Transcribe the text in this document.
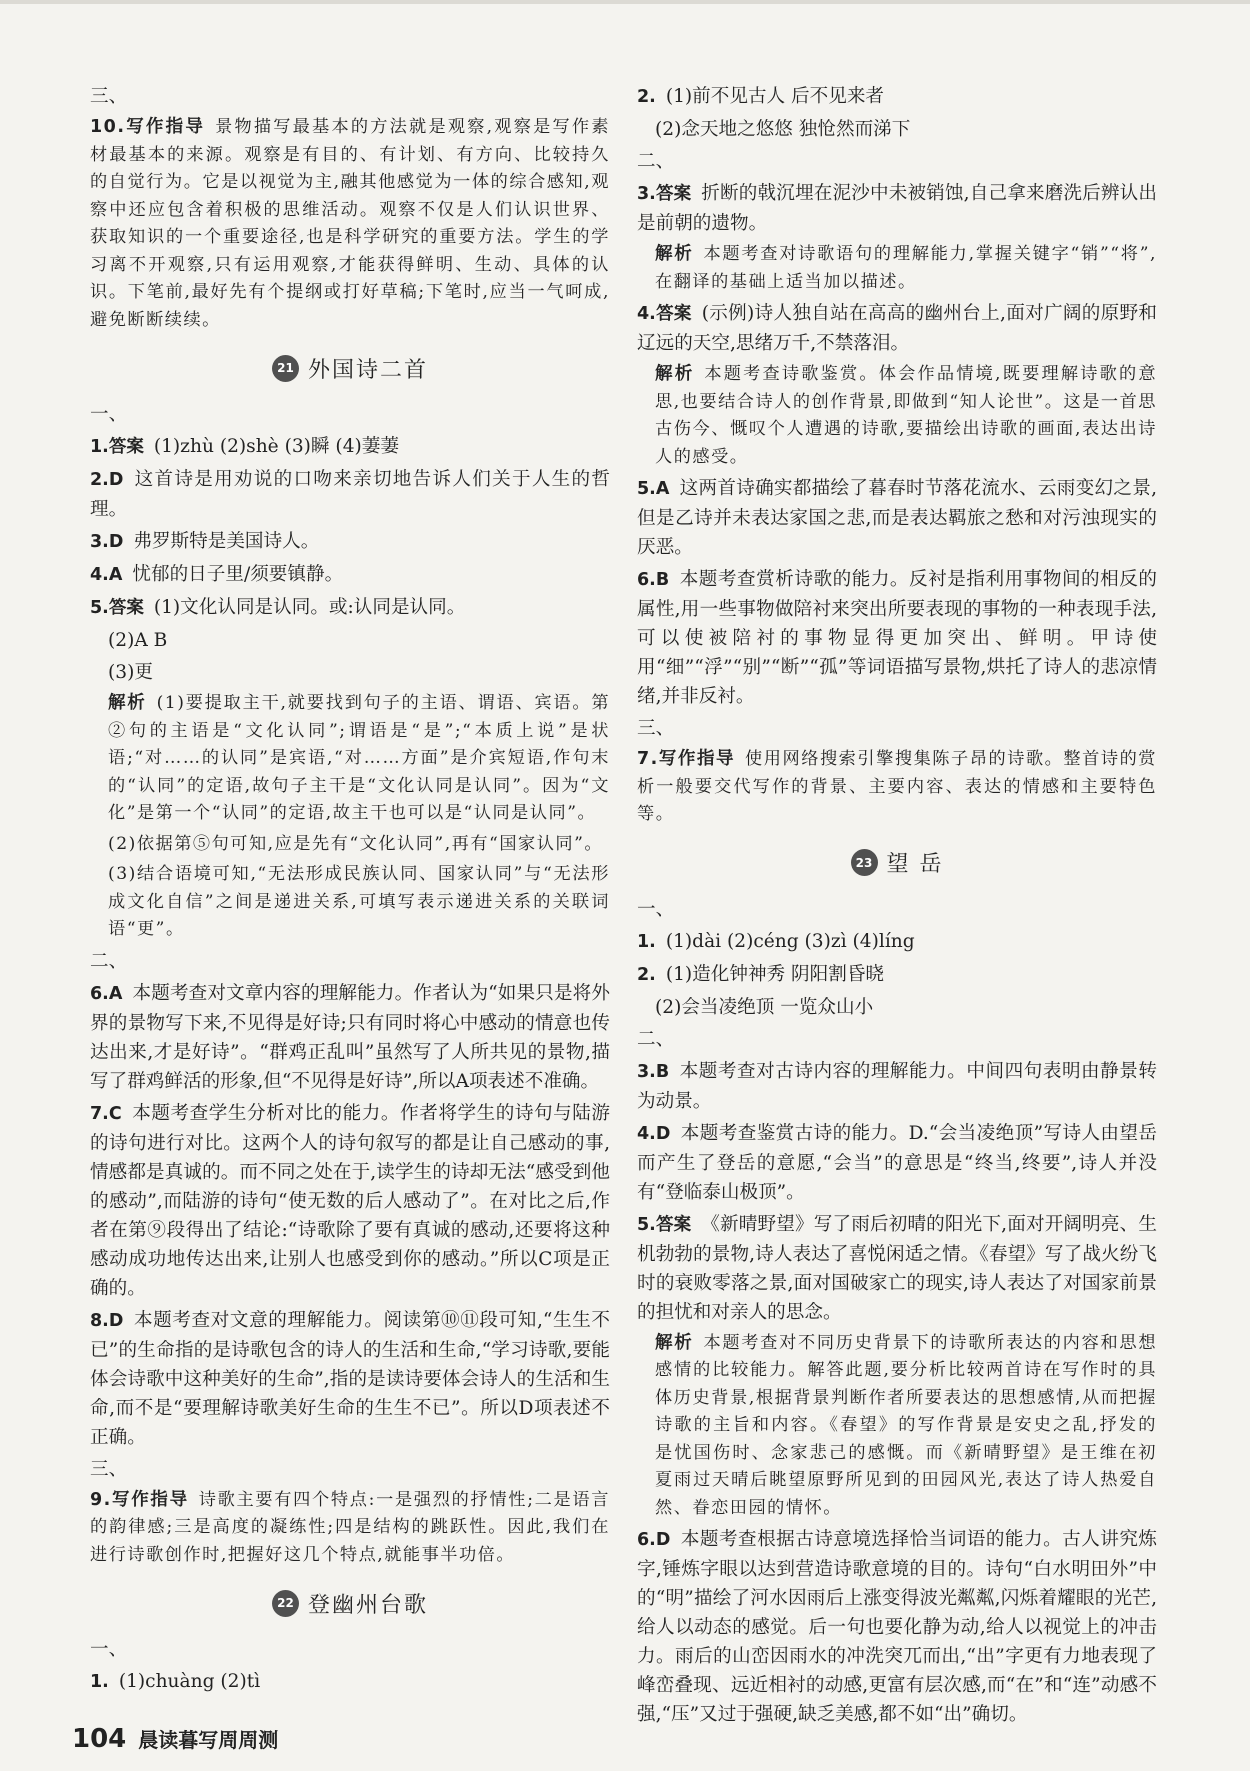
三、

10.写作指导 景物描写最基本的方法就是观察,观察是写作素材最基本的来源。观察是有目的、有计划、有方向、比较持久的自觉行为。它是以视觉为主,融其他感觉为一体的综合感知,观察中还应包含着积极的思维活动。观察不仅是人们认识世界、获取知识的一个重要途径,也是科学研究的重要方法。学生的学习离不开观察,只有运用观察,才能获得鲜明、生动、具体的认识。下笔前,最好先有个提纲或打好草稿;下笔时,应当一气呵成,避免断断续续。

21 外国诗二首

一、

1.答案 (1)zhù (2)shè (3)瞬 (4)萋萋

2.D 这首诗是用劝说的口吻来亲切地告诉人们关于人生的哲理。

3.D 弗罗斯特是美国诗人。

4.A 忧郁的日子里/须要镇静。

5.答案 (1)文化认同是认同。或:认同是认同。

(2)A B

(3)更

解析 (1)要提取主干,就要找到句子的主语、谓语、宾语。第②句的主语是“文化认同”;谓语是“是”;“本质上说”是状语;“对……的认同”是宾语,“对……方面”是介宾短语,作句末的“认同”的定语,故句子主干是“文化认同是认同”。因为“文化”是第一个“认同”的定语,故主干也可以是“认同是认同”。

(2)依据第⑤句可知,应是先有“文化认同”,再有“国家认同”。

(3)结合语境可知,“无法形成民族认同、国家认同”与“无法形成文化自信”之间是递进关系,可填写表示递进关系的关联词语“更”。

二、

6.A 本题考查对文章内容的理解能力。作者认为“如果只是将外界的景物写下来,不见得是好诗;只有同时将心中感动的情意也传达出来,才是好诗”。“群鸡正乱叫”虽然写了人所共见的景物,描写了群鸡鲜活的形象,但“不见得是好诗”,所以A项表述不准确。

7.C 本题考查学生分析对比的能力。作者将学生的诗句与陆游的诗句进行对比。这两个人的诗句叙写的都是让自己感动的事,情感都是真诚的。而不同之处在于,读学生的诗却无法“感受到他的感动”,而陆游的诗句“使无数的后人感动了”。在对比之后,作者在第⑨段得出了结论:“诗歌除了要有真诚的感动,还要将这种感动成功地传达出来,让别人也感受到你的感动。”所以C项是正确的。

8.D 本题考查对文意的理解能力。阅读第⑩⑪段可知,“生生不已”的生命指的是诗歌包含的诗人的生活和生命,“学习诗歌,要能体会诗歌中这种美好的生命”,指的是读诗要体会诗人的生活和生命,而不是“要理解诗歌美好生命的生生不已”。所以D项表述不正确。

三、

9.写作指导 诗歌主要有四个特点:一是强烈的抒情性;二是语言的韵律感;三是高度的凝练性;四是结构的跳跃性。因此,我们在进行诗歌创作时,把握好这几个特点,就能事半功倍。

22 登幽州台歌

一、

1. (1)chuàng (2)tì

2. (1)前不见古人 后不见来者

(2)念天地之悠悠 独怆然而涕下

二、

3.答案 折断的戟沉埋在泥沙中未被销蚀,自己拿来磨洗后辨认出是前朝的遗物。

解析 本题考查对诗歌语句的理解能力,掌握关键字“销”“将”,在翻译的基础上适当加以描述。

4.答案 (示例)诗人独自站在高高的幽州台上,面对广阔的原野和辽远的天空,思绪万千,不禁落泪。

解析 本题考查诗歌鉴赏。体会作品情境,既要理解诗歌的意思,也要结合诗人的创作背景,即做到“知人论世”。这是一首思古伤今、慨叹个人遭遇的诗歌,要描绘出诗歌的画面,表达出诗人的感受。

5.A 这两首诗确实都描绘了暮春时节落花流水、云雨变幻之景,但是乙诗并未表达家国之悲,而是表达羁旅之愁和对污浊现实的厌恶。

6.B 本题考查赏析诗歌的能力。反衬是指利用事物间的相反的属性,用一些事物做陪衬来突出所要表现的事物的一种表现手法,可以使被陪衬的事物显得更加突出、鲜明。甲诗使用“细”“浮”“别”“断”“孤”等词语描写景物,烘托了诗人的悲凉情绪,并非反衬。

三、

7.写作指导 使用网络搜索引擎搜集陈子昂的诗歌。整首诗的赏析一般要交代写作的背景、主要内容、表达的情感和主要特色等。

23 望 岳

一、

1. (1)dài (2)céng (3)zì (4)líng

2. (1)造化钟神秀 阴阳割昏晓

(2)会当凌绝顶 一览众山小

二、

3.B 本题考查对古诗内容的理解能力。中间四句表明由静景转为动景。

4.D 本题考查鉴赏古诗的能力。D.“会当凌绝顶”写诗人由望岳而产生了登岳的意愿,“会当”的意思是“终当,终要”,诗人并没有“登临泰山极顶”。

5.答案 《新晴野望》写了雨后初晴的阳光下,面对开阔明亮、生机勃勃的景物,诗人表达了喜悦闲适之情。《春望》写了战火纷飞时的衰败零落之景,面对国破家亡的现实,诗人表达了对国家前景的担忧和对亲人的思念。

解析 本题考查对不同历史背景下的诗歌所表达的内容和思想感情的比较能力。解答此题,要分析比较两首诗在写作时的具体历史背景,根据背景判断作者所要表达的思想感情,从而把握诗歌的主旨和内容。《春望》的写作背景是安史之乱,抒发的是忧国伤时、念家悲己的感慨。而《新晴野望》是王维在初夏雨过天晴后眺望原野所见到的田园风光,表达了诗人热爱自然、眷恋田园的情怀。

6.D 本题考查根据古诗意境选择恰当词语的能力。古人讲究炼字,锤炼字眼以达到营造诗歌意境的目的。诗句“白水明田外”中的“明”描绘了河水因雨后上涨变得波光粼粼,闪烁着耀眼的光芒,给人以动态的感觉。后一句也要化静为动,给人以视觉上的冲击力。雨后的山峦因雨水的冲洗突兀而出,“出”字更有力地表现了峰峦叠现、远近相衬的动感,更富有层次感,而“在”和“连”动感不强,“压”又过于强硬,缺乏美感,都不如“出”确切。

104 晨读暮写周周测
